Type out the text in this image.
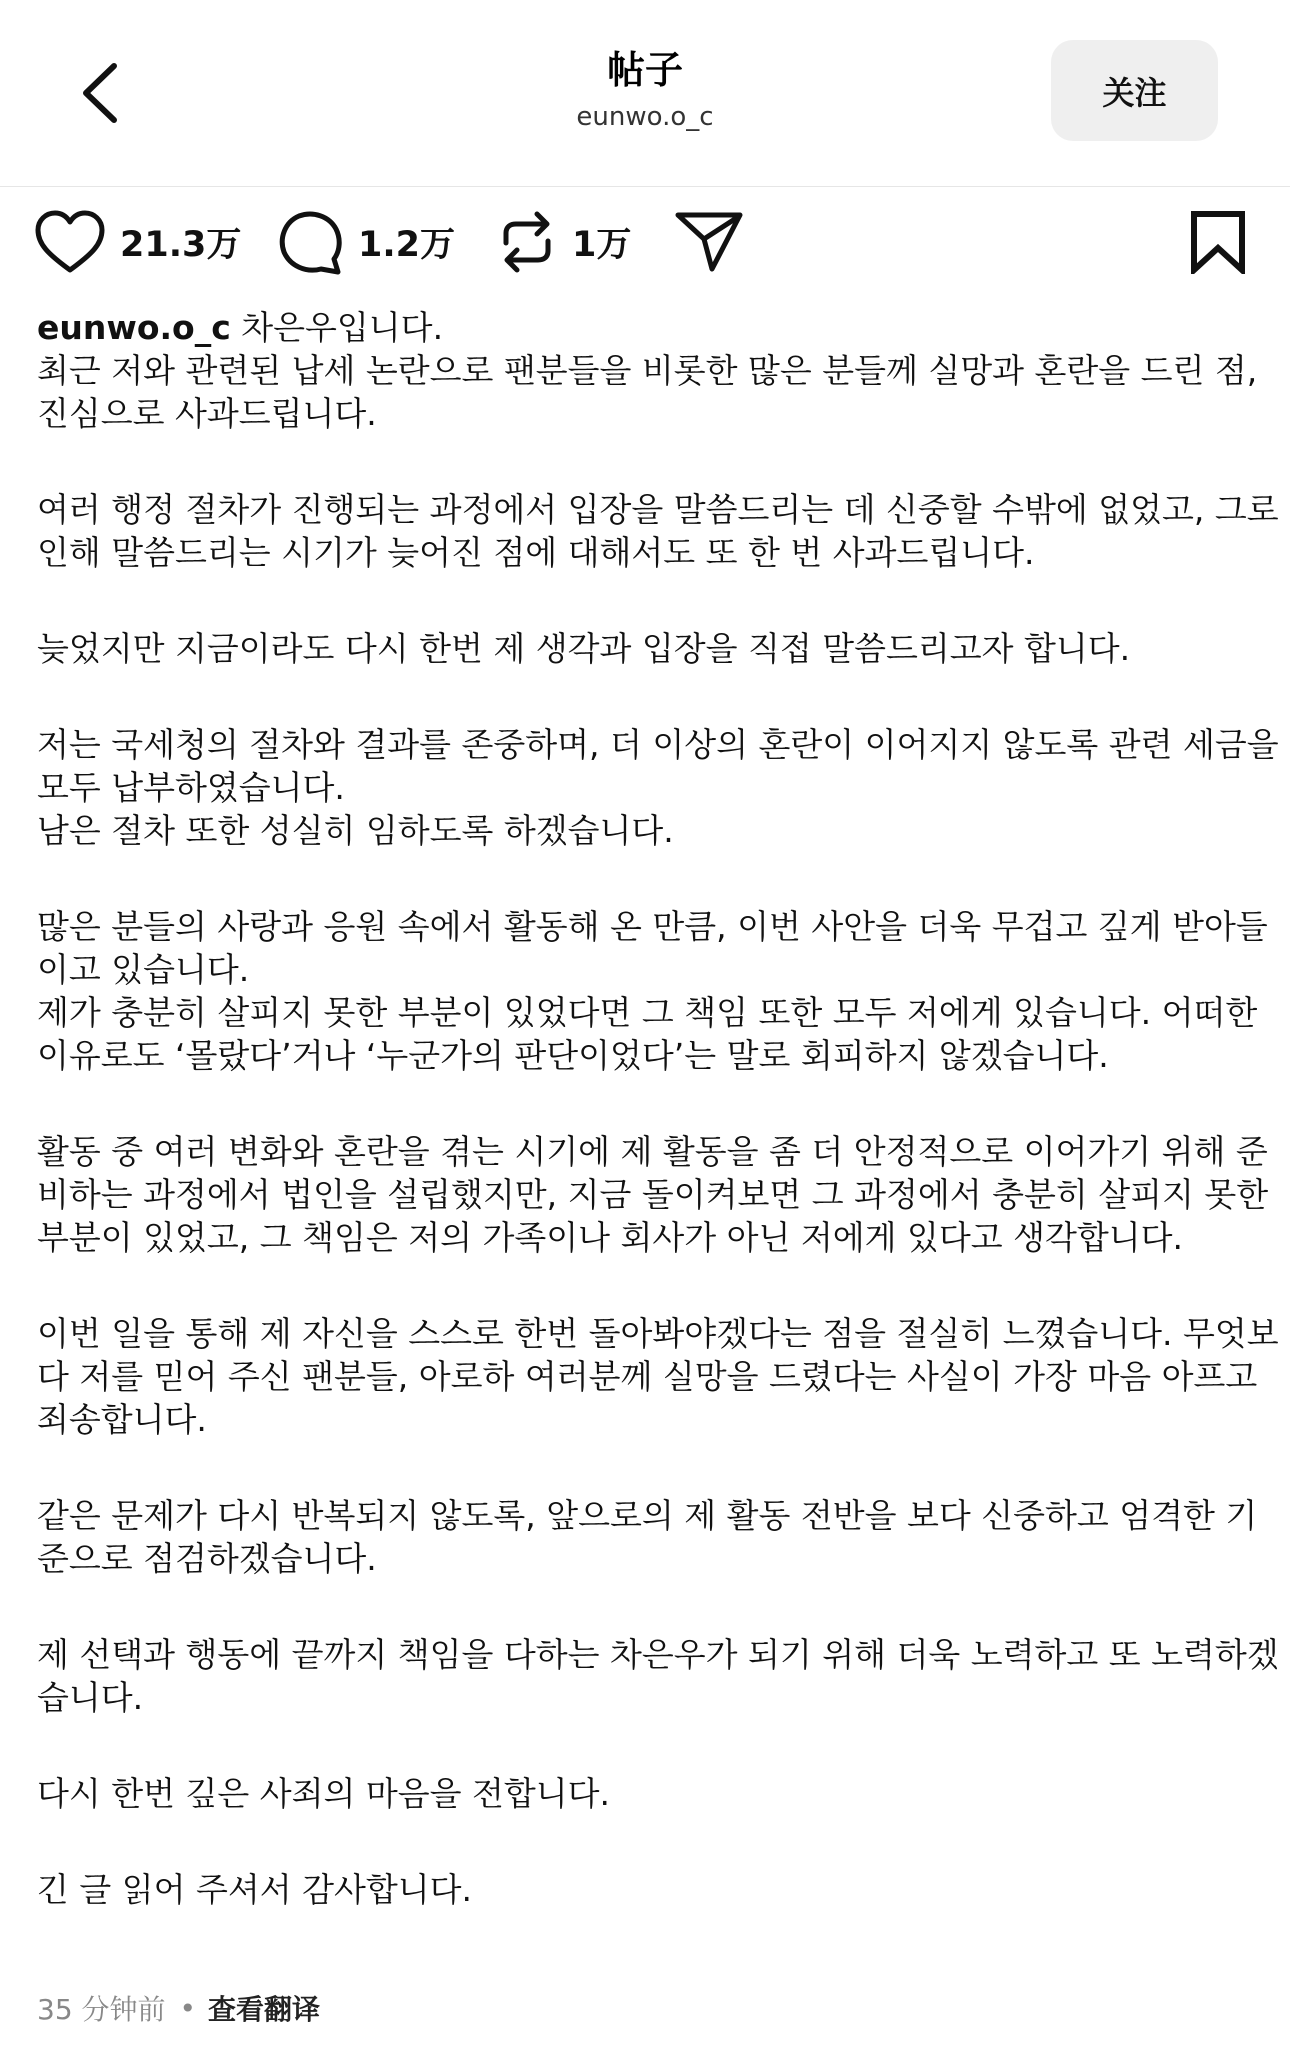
帖子
eunwo.o_c
关注
21.3万	1.2万	1万

eunwo.o_c 차은우입니다.

최근 저와 관련된 납세 논란으로 팬분들을 비롯한 많은 분들께 실망과 혼란을 드린 점,
진심으로 사과드립니다.

여러 행정 절차가 진행되는 과정에서 입장을 말씀드리는 데 신중할 수밖에 없었고, 그로
인해 말씀드리는 시기가 늦어진 점에 대해서도 또 한 번 사과드립니다.

늦었지만 지금이라도 다시 한번 제 생각과 입장을 직접 말씀드리고자 합니다.

저는 국세청의 절차와 결과를 존중하며, 더 이상의 혼란이 이어지지 않도록 관련 세금을
모두 납부하였습니다.
남은 절차 또한 성실히 임하도록 하겠습니다.

많은 분들의 사랑과 응원 속에서 활동해 온 만큼, 이번 사안을 더욱 무겁고 깊게 받아들
이고 있습니다.
제가 충분히 살피지 못한 부분이 있었다면 그 책임 또한 모두 저에게 있습니다. 어떠한
이유로도 ‘몰랐다’거나 ‘누군가의 판단이었다’는 말로 회피하지 않겠습니다.

활동 중 여러 변화와 혼란을 겪는 시기에 제 활동을 좀 더 안정적으로 이어가기 위해 준
비하는 과정에서 법인을 설립했지만, 지금 돌이켜보면 그 과정에서 충분히 살피지 못한
부분이 있었고, 그 책임은 저의 가족이나 회사가 아닌 저에게 있다고 생각합니다.

이번 일을 통해 제 자신을 스스로 한번 돌아봐야겠다는 점을 절실히 느꼈습니다. 무엇보
다 저를 믿어 주신 팬분들, 아로하 여러분께 실망을 드렸다는 사실이 가장 마음 아프고
죄송합니다.

같은 문제가 다시 반복되지 않도록, 앞으로의 제 활동 전반을 보다 신중하고 엄격한 기
준으로 점검하겠습니다.

제 선택과 행동에 끝까지 책임을 다하는 차은우가 되기 위해 더욱 노력하고 또 노력하겠
습니다.

다시 한번 깊은 사죄의 마음을 전합니다.

긴 글 읽어 주셔서 감사합니다.

35 分钟前 • 查看翻译
